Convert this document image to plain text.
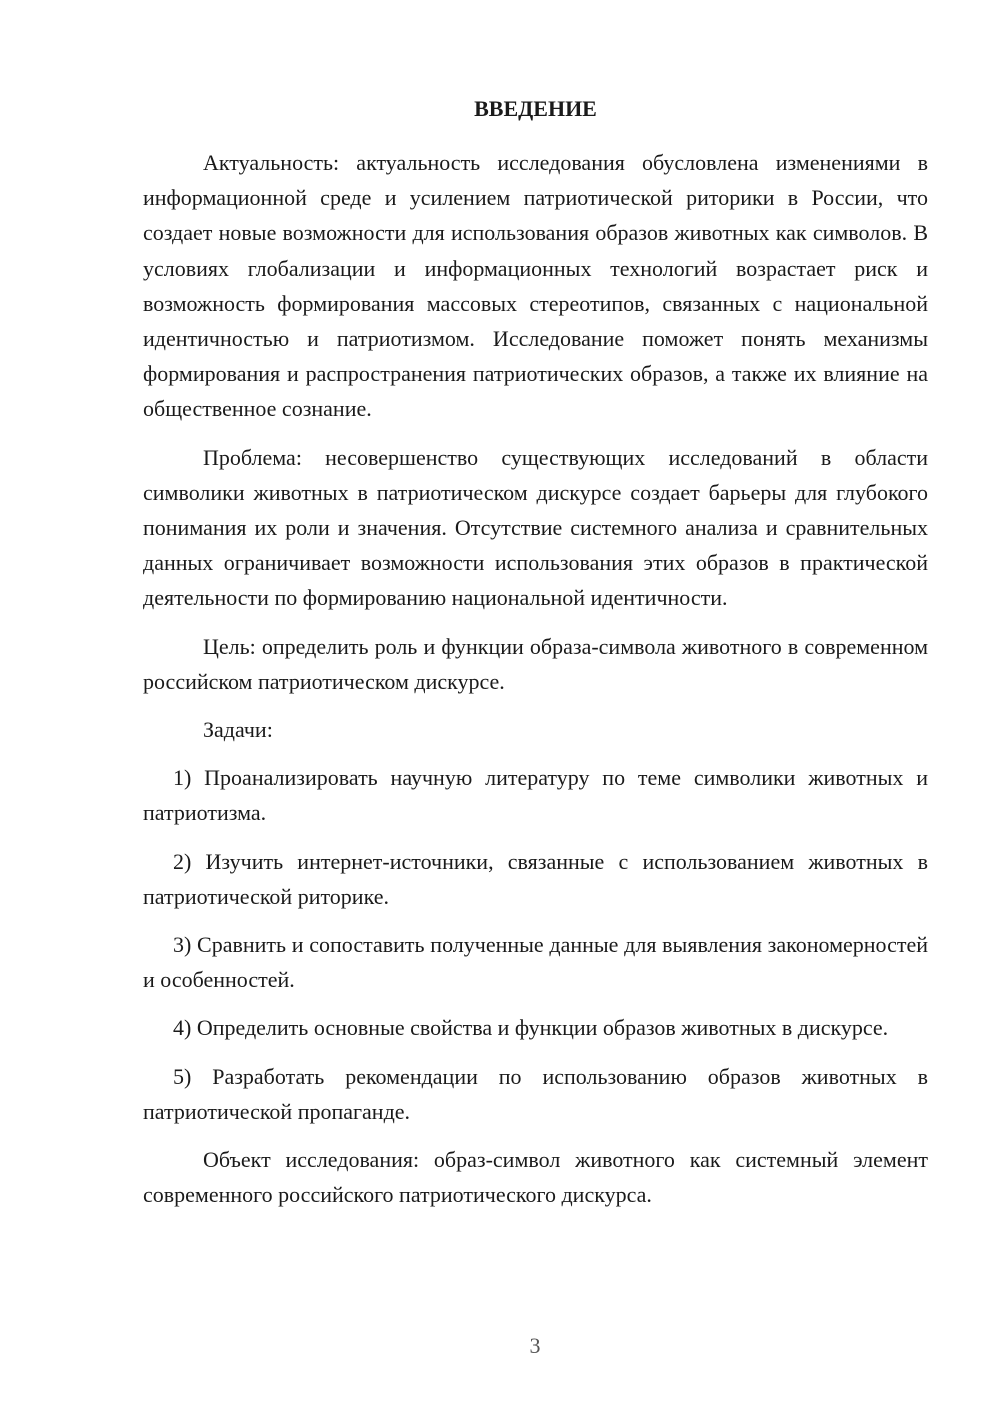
ВВЕДЕНИЕ

Актуальность: актуальность исследования обусловлена изменениями в информационной среде и усилением патриотической риторики в России, что создает новые возможности для использования образов животных как символов. В условиях глобализации и информационных технологий возрастает риск и возможность формирования массовых стереотипов, связанных с национальной идентичностью и патриотизмом. Исследование поможет понять механизмы формирования и распространения патриотических образов, а также их влияние на общественное сознание.

Проблема: несовершенство существующих исследований в области символики животных в патриотическом дискурсе создает барьеры для глубокого понимания их роли и значения. Отсутствие системного анализа и сравнительных данных ограничивает возможности использования этих образов в практической деятельности по формированию национальной идентичности.

Цель: определить роль и функции образа-символа животного в современном российском патриотическом дискурсе.

Задачи:

1) Проанализировать научную литературу по теме символики животных и патриотизма.

2) Изучить интернет-источники, связанные с использованием животных в патриотической риторике.

3) Сравнить и сопоставить полученные данные для выявления закономерностей и особенностей.

4) Определить основные свойства и функции образов животных в дискурсе.

5) Разработать рекомендации по использованию образов животных в патриотической пропаганде.

Объект исследования: образ-символ животного как системный элемент современного российского патриотического дискурса.

3
